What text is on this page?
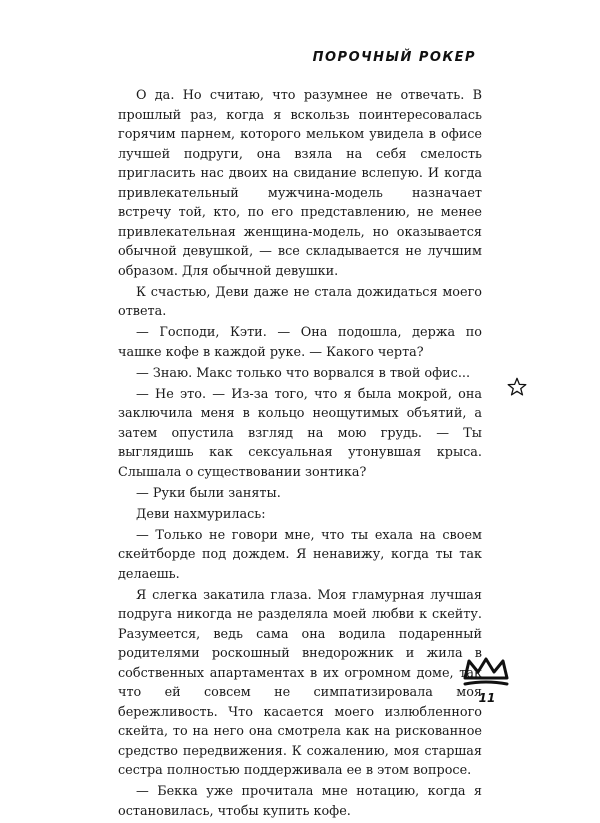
ПОРОЧНЫЙ РОКЕР

О да. Но считаю, что разумнее не отвечать. В прошлый раз, когда я вскользь поинтересовалась горячим парнем, которого мельком увидела в офисе лучшей подруги, она взяла на себя смелость пригласить нас двоих на свидание вслепую. И когда привлекательный мужчина-модель назначает встречу той, кто, по его представлению, не менее привлекательная женщина-модель, но оказывается обычной девушкой, — все складывается не лучшим образом. Для обычной девушки.

К счастью, Деви даже не стала дожидаться моего ответа.

— Господи, Кэти. — Она подошла, держа по чашке кофе в каждой руке. — Какого черта?

— Знаю. Макс только что ворвался в твой офис...

— Не это. — Из-за того, что я была мокрой, она заключила меня в кольцо неощутимых объятий, а затем опустила взгляд на мою грудь. — Ты выглядишь как сексуальная утонувшая крыса. Слышала о существовании зонтика?

— Руки были заняты.

Деви нахмурилась:

— Только не говори мне, что ты ехала на своем скейтборде под дождем. Я ненавижу, когда ты так делаешь.

Я слегка закатила глаза. Моя гламурная лучшая подруга никогда не разделяла моей любви к скейту. Разумеется, ведь сама она водила подаренный родителями роскошный внедорожник и жила в собственных апартаментах в их огромном доме, так что ей совсем не симпатизировала моя бережливость. Что касается моего излюбленного скейта, то на него она смотрела как на рискованное средство передвижения. К сожалению, моя старшая сестра полностью поддерживала ее в этом вопросе.

— Бекка уже прочитала мне нотацию, когда я остановилась, чтобы купить кофе.

11
